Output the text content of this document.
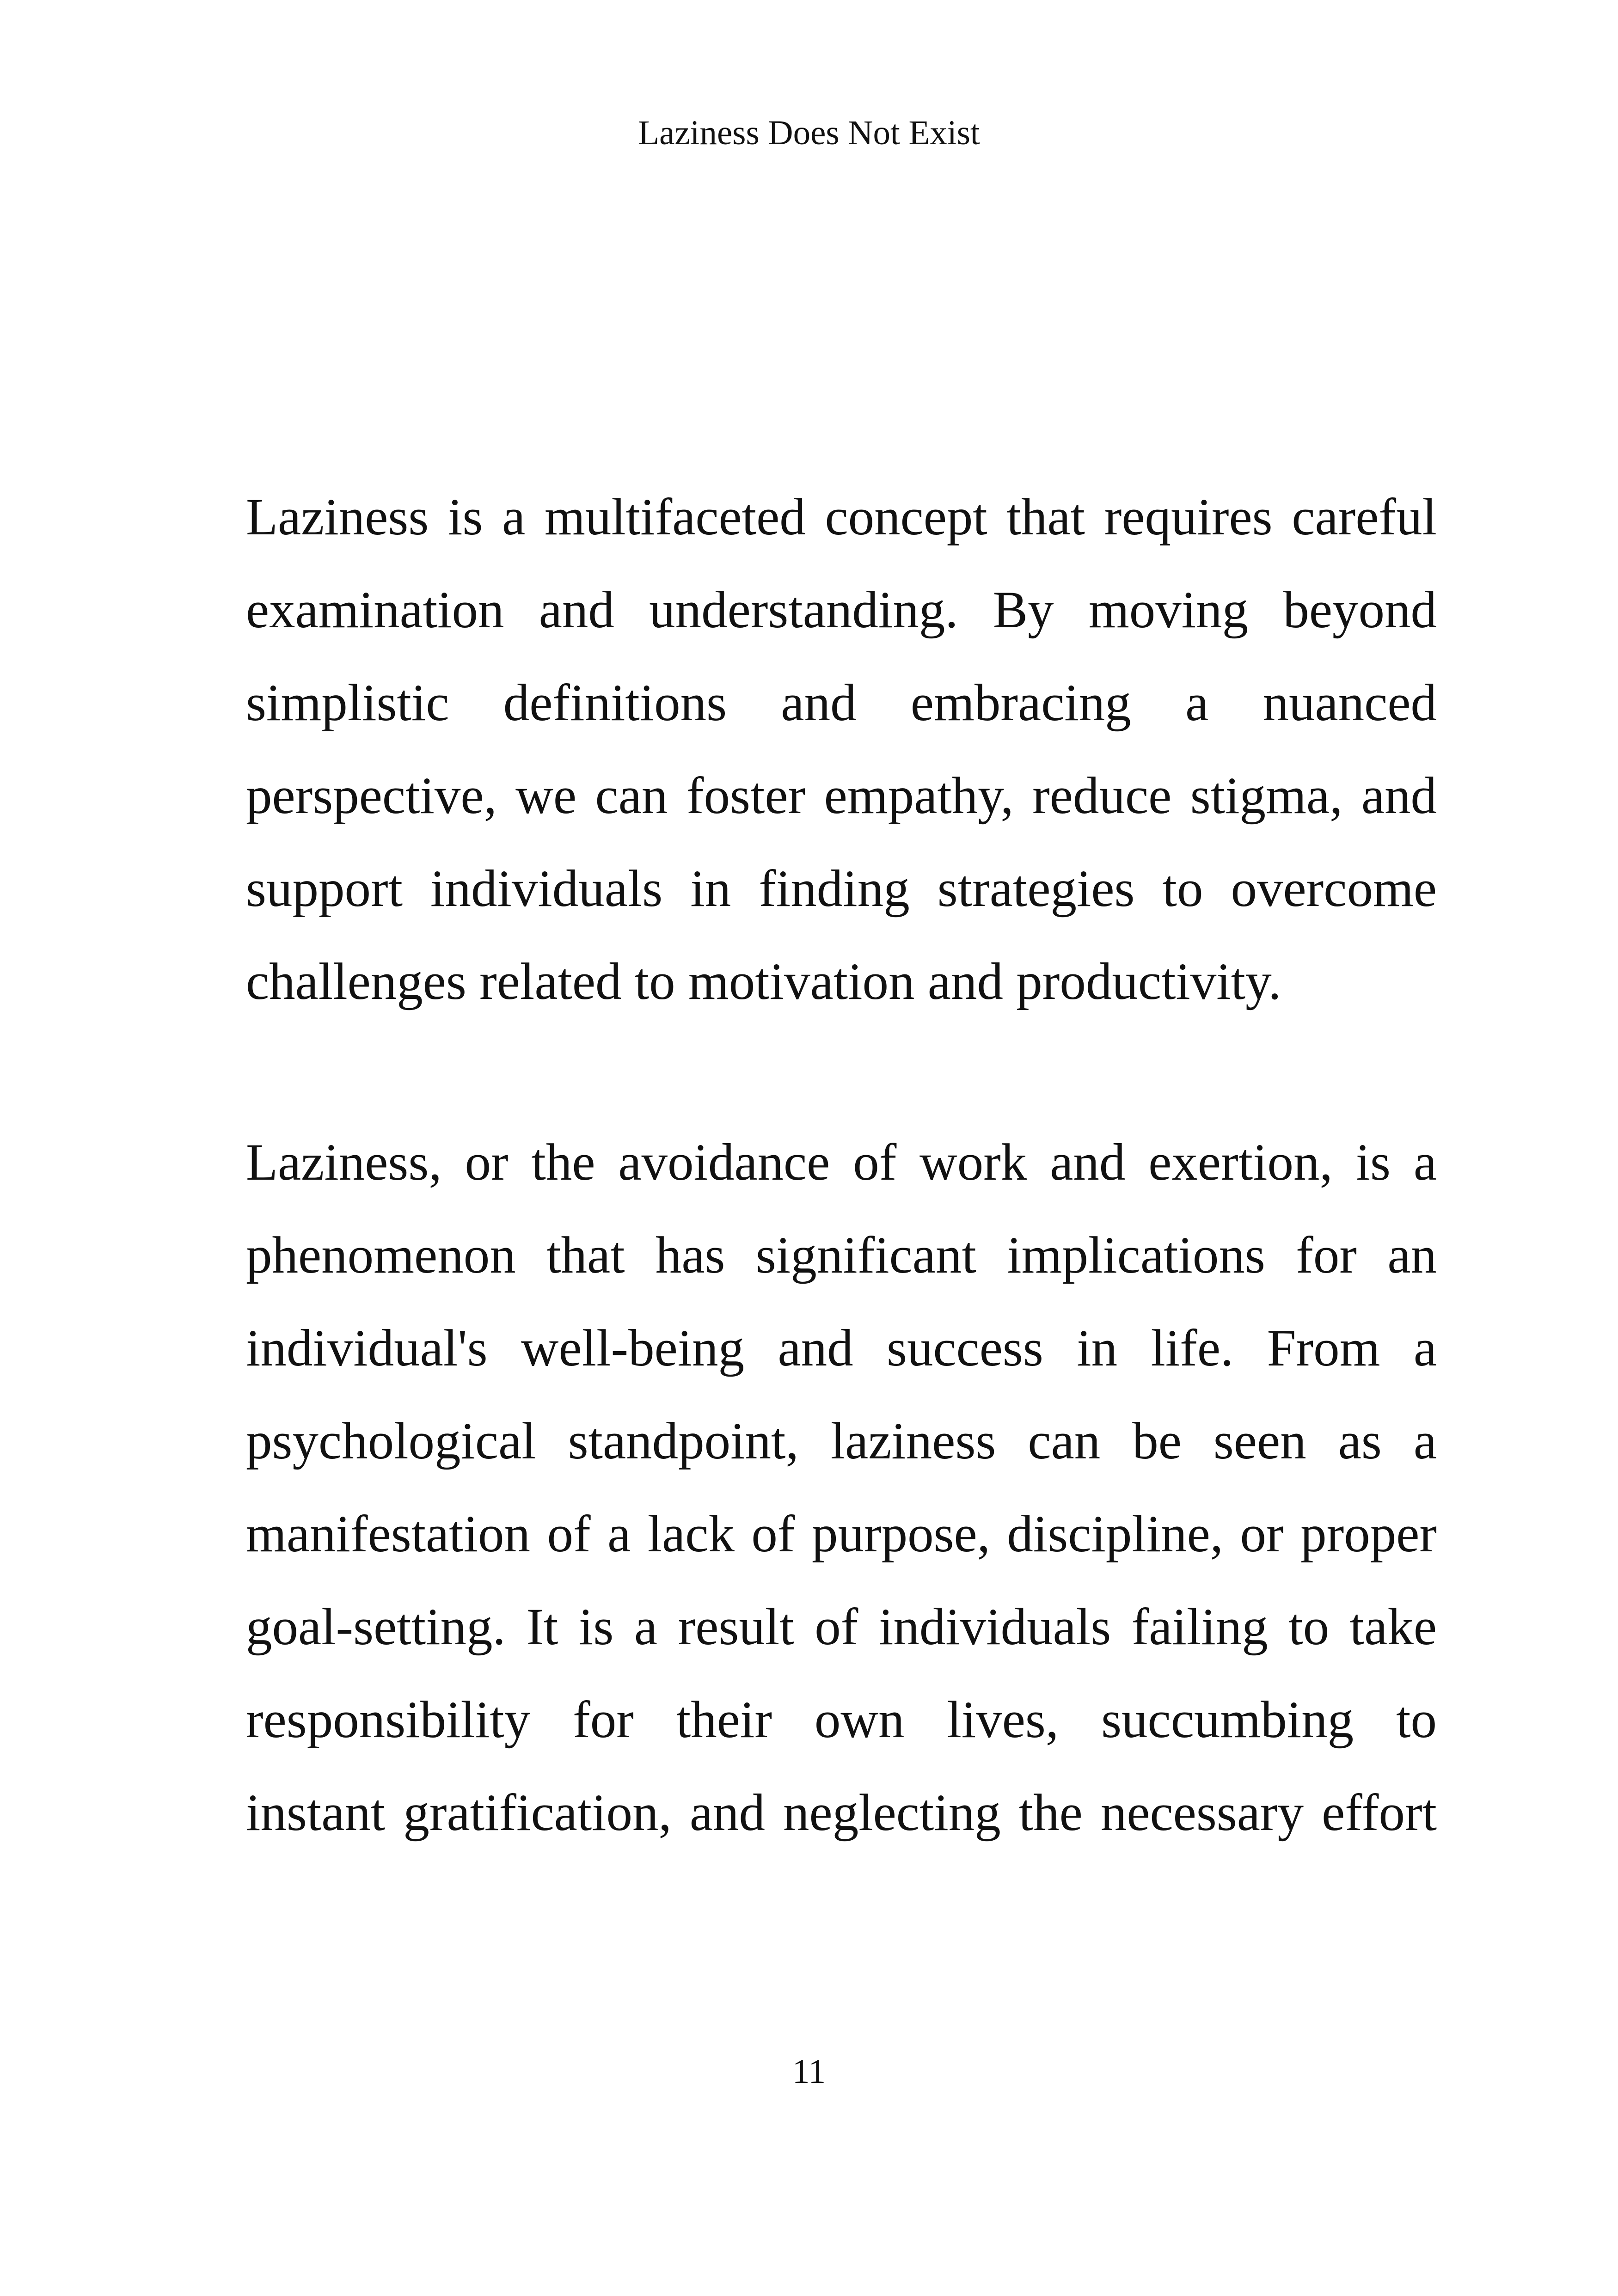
Laziness Does Not Exist
Laziness is a multifaceted concept that requires careful
examination and understanding. By moving beyond
simplistic definitions and embracing a nuanced
perspective, we can foster empathy, reduce stigma, and
support individuals in finding strategies to overcome
challenges related to motivation and productivity.
Laziness, or the avoidance of work and exertion, is a
phenomenon that has significant implications for an
individual's well-being and success in life. From a
psychological standpoint, laziness can be seen as a
manifestation of a lack of purpose, discipline, or proper
goal-setting. It is a result of individuals failing to take
responsibility for their own lives, succumbing to
instant gratification, and neglecting the necessary effort
11
